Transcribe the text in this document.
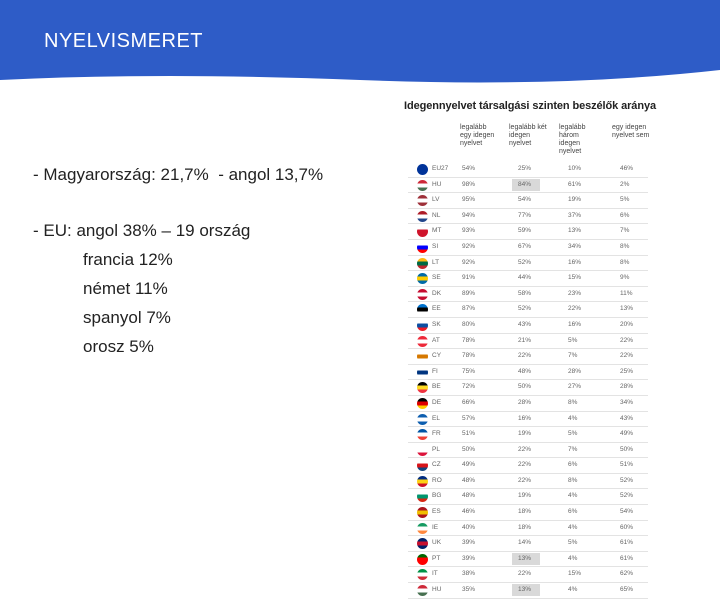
NYELVISMERET
- Magyarország: 21,7%  - angol 13,7%
- EU: angol 38% – 19 ország
francia 12%
német 11%
spanyol 7%
orosz 5%
Idegennyelvet társalgási szinten beszélők aránya
legalább egy idegen nyelvet
legalább két idegen nyelvet
legalább három idegen nyelvet
egy idegen nyelvet sem
EU27 54%	25%	10%	46%
HU	98%	84%	61%	2%
LV	95%	54%	19%	5%
NL	94%	77%	37%	6%
MT	93%	59%	13%	7%
SI	92%	67%	34%	8%
LT	92%	52%	16%	8%
SE	91%	44%	15%	9%
DK	89%	58%	23%	11%
EE	87%	52%	22%	13%
SK	80%	43%	16%	20%
AT	78%	21%	5%	22%
CY	78%	22%	7%	22%
FI	75%	48%	28%	25%
BE	72%	50%	27%	28%
DE	66%	28%	8%	34%
EL	57%	16%	4%	43%
FR	51%	19%	5%	49%
PL	50%	22%	7%	50%
CZ	49%	22%	6%	51%
RO	48%	22%	8%	52%
BG	48%	19%	4%	52%
ES	46%	18%	6%	54%
IE	40%	18%	4%	60%
UK	39%	14%	5%	61%
PT	39%	13%	4%	61%
IT	38%	22%	15%	62%
HU	35%	13%	4%	65%
